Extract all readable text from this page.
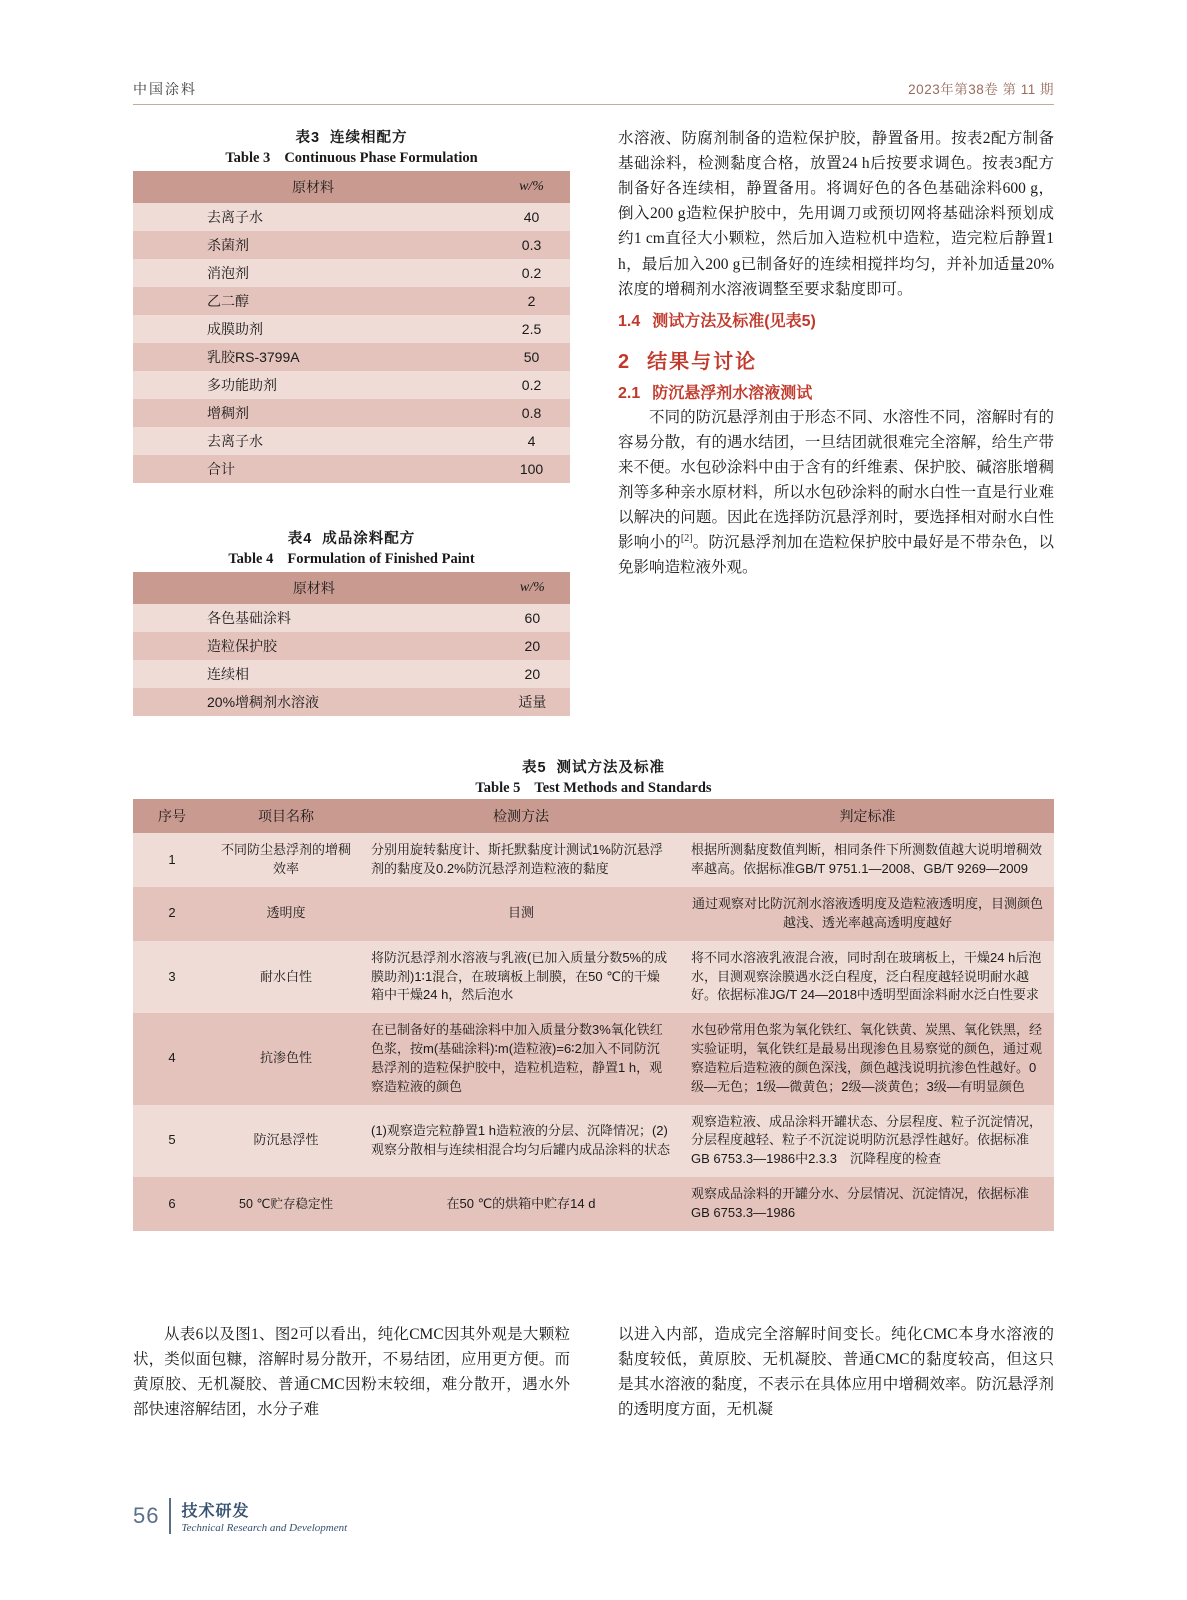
中国涂料	2023年第38卷 第 11 期
表3 连续相配方
Table 3 Continuous Phase Formulation
原材料	w/%
去离子水	40
杀菌剂	0.3
消泡剂	0.2
乙二醇	2
成膜助剂	2.5
乳胶RS-3799A	50
多功能助剂	0.2
增稠剂	0.8
去离子水	4
合计	100
表4 成品涂料配方
Table 4 Formulation of Finished Paint
原材料	w/%
各色基础涂料	60
造粒保护胶	20
连续相	20
20%增稠剂水溶液	适量

水溶液、防腐剂制备的造粒保护胶，静置备用。按表2配方制备基础涂料，检测黏度合格，放置24 h后按要求调色。按表3配方制备好各连续相，静置备用。将调好色的各色基础涂料600 g，倒入200 g造粒保护胶中，先用调刀或预切网将基础涂料预划成约1 cm直径大小颗粒，然后加入造粒机中造粒，造完粒后静置1 h，最后加入200 g已制备好的连续相搅拌均匀，并补加适量20%浓度的增稠剂水溶液调整至要求黏度即可。

1.4 测试方法及标准(见表5)
2 结果与讨论
2.1 防沉悬浮剂水溶液测试

不同的防沉悬浮剂由于形态不同、水溶性不同，溶解时有的容易分散，有的遇水结团，一旦结团就很难完全溶解，给生产带来不便。水包砂涂料中由于含有的纤维素、保护胶、碱溶胀增稠剂等多种亲水原材料，所以水包砂涂料的耐水白性一直是行业难以解决的问题。因此在选择防沉悬浮剂时，要选择相对耐水白性影响小的[2]。防沉悬浮剂加在造粒保护胶中最好是不带杂色，以免影响造粒液外观。

表5 测试方法及标准
Table 5 Test Methods and Standards
序号	项目名称	检测方法	判定标准
1	不同防尘悬浮剂的增稠效率	分别用旋转黏度计、斯托默黏度计测试1%防沉悬浮剂的黏度及0.2%防沉悬浮剂造粒液的黏度	根据所测黏度数值判断，相同条件下所测数值越大说明增稠效率越高。依据标准GB/T 9751.1—2008、GB/T 9269—2009
2	透明度	目测	通过观察对比防沉剂水溶液透明度及造粒液透明度，目测颜色越浅、透光率越高透明度越好
3	耐水白性	将防沉悬浮剂水溶液与乳液(已加入质量分数5%的成膜助剂)1∶1混合，在玻璃板上制膜，在50 ℃的干燥箱中干燥24 h，然后泡水	将不同水溶液乳液混合液，同时刮在玻璃板上，干燥24 h后泡水，目测观察涂膜遇水泛白程度，泛白程度越轻说明耐水越好。依据标准JG/T 24—2018中透明型面涂料耐水泛白性要求
4	抗渗色性	在已制备好的基础涂料中加入质量分数3%氧化铁红色浆，按m(基础涂料)∶m(造粒液)=6∶2加入不同防沉悬浮剂的造粒保护胶中，造粒机造粒，静置1 h，观察造粒液的颜色	水包砂常用色浆为氧化铁红、氧化铁黄、炭黑、氧化铁黑，经实验证明，氧化铁红是最易出现渗色且易察觉的颜色，通过观察造粒后造粒液的颜色深浅，颜色越浅说明抗渗色性越好。0级—无色；1级—微黄色；2级—淡黄色；3级—有明显颜色
5	防沉悬浮性	(1)观察造完粒静置1 h造粒液的分层、沉降情况；(2)观察分散相与连续相混合均匀后罐内成品涂料的状态	观察造粒液、成品涂料开罐状态、分层程度、粒子沉淀情况，分层程度越轻、粒子不沉淀说明防沉悬浮性越好。依据标准GB 6753.3—1986中2.3.3　沉降程度的检查
6	50 ℃贮存稳定性	在50 ℃的烘箱中贮存14 d	观察成品涂料的开罐分水、分层情况、沉淀情况，依据标准GB 6753.3—1986

从表6以及图1、图2可以看出，纯化CMC因其外观是大颗粒状，类似面包糠，溶解时易分散开，不易结团，应用更方便。而黄原胶、无机凝胶、普通CMC因粉末较细，难分散开，遇水外部快速溶解结团，水分子难

以进入内部，造成完全溶解时间变长。纯化CMC本身水溶液的黏度较低，黄原胶、无机凝胶、普通CMC的黏度较高，但这只是其水溶液的黏度，不表示在具体应用中增稠效率。防沉悬浮剂的透明度方面，无机凝

56 技术研发
Technical Research and Development
